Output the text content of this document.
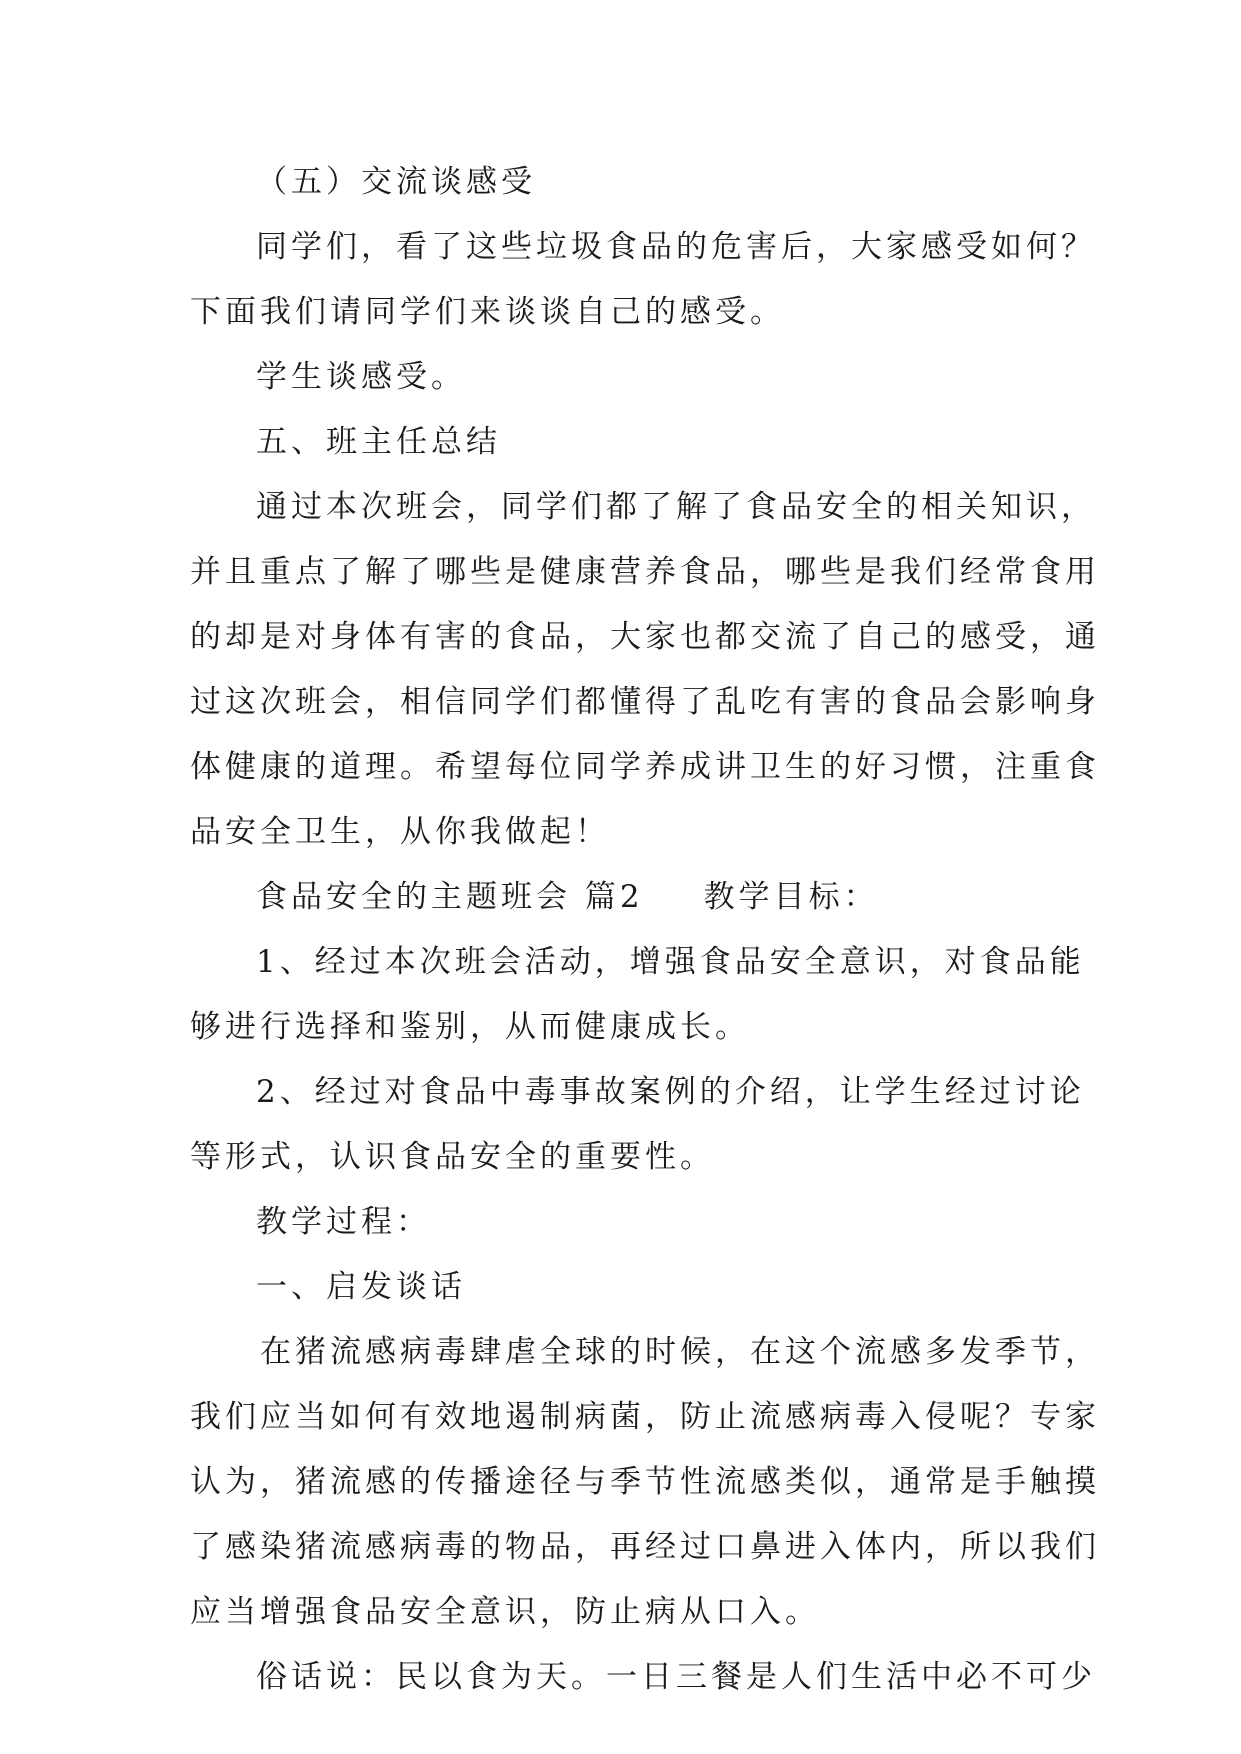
（五）交流谈感受

同学们，看了这些垃圾食品的危害后，大家感受如何？

下面我们请同学们来谈谈自己的感受。

学生谈感受。

五、班主任总结

通过本次班会，同学们都了解了食品安全的相关知识，

并且重点了解了哪些是健康营养食品，哪些是我们经常食用

的却是对身体有害的食品，大家也都交流了自己的感受，通

过这次班会，相信同学们都懂得了乱吃有害的食品会影响身

体健康的道理。希望每位同学养成讲卫生的好习惯，注重食

品安全卫生，从你我做起！

食品安全的主题班会 篇2 教学目标：

1、经过本次班会活动，增强食品安全意识，对食品能

够进行选择和鉴别，从而健康成长。

2、经过对食品中毒事故案例的介绍，让学生经过讨论

等形式，认识食品安全的重要性。

教学过程：

一、启发谈话

在猪流感病毒肆虐全球的时候，在这个流感多发季节，

我们应当如何有效地遏制病菌，防止流感病毒入侵呢？专家

认为，猪流感的传播途径与季节性流感类似，通常是手触摸

了感染猪流感病毒的物品，再经过口鼻进入体内，所以我们

应当增强食品安全意识，防止病从口入。

俗话说：民以食为天。一日三餐是人们生活中必不可少
